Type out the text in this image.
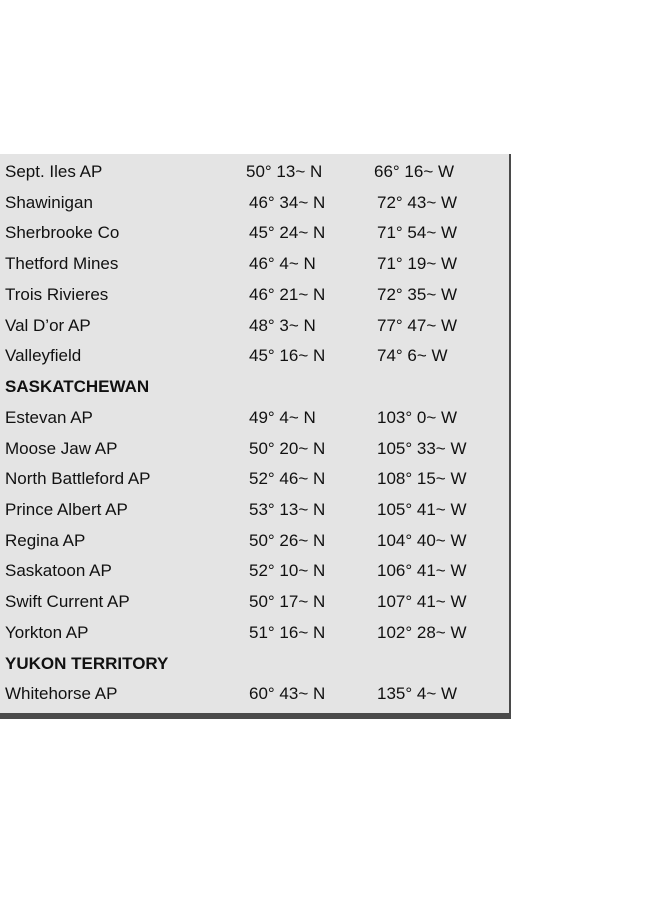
Sept. Iles AP	50° 13~ N	66° 16~ W
Shawinigan	46° 34~ N	72° 43~ W
Sherbrooke Co	45° 24~ N	71° 54~ W
Thetford Mines	46° 4~ N	71° 19~ W
Trois Rivieres	46° 21~ N	72° 35~ W
Val D’or AP	48° 3~ N	77° 47~ W
Valleyfield	45° 16~ N	74° 6~ W
SASKATCHEWAN
Estevan AP	49° 4~ N	103° 0~ W
Moose Jaw AP	50° 20~ N	105° 33~ W
North Battleford AP	52° 46~ N	108° 15~ W
Prince Albert AP	53° 13~ N	105° 41~ W
Regina AP	50° 26~ N	104° 40~ W
Saskatoon AP	52° 10~ N	106° 41~ W
Swift Current AP	50° 17~ N	107° 41~ W
Yorkton AP	51° 16~ N	102° 28~ W
YUKON TERRITORY
Whitehorse AP	60° 43~ N	135° 4~ W
